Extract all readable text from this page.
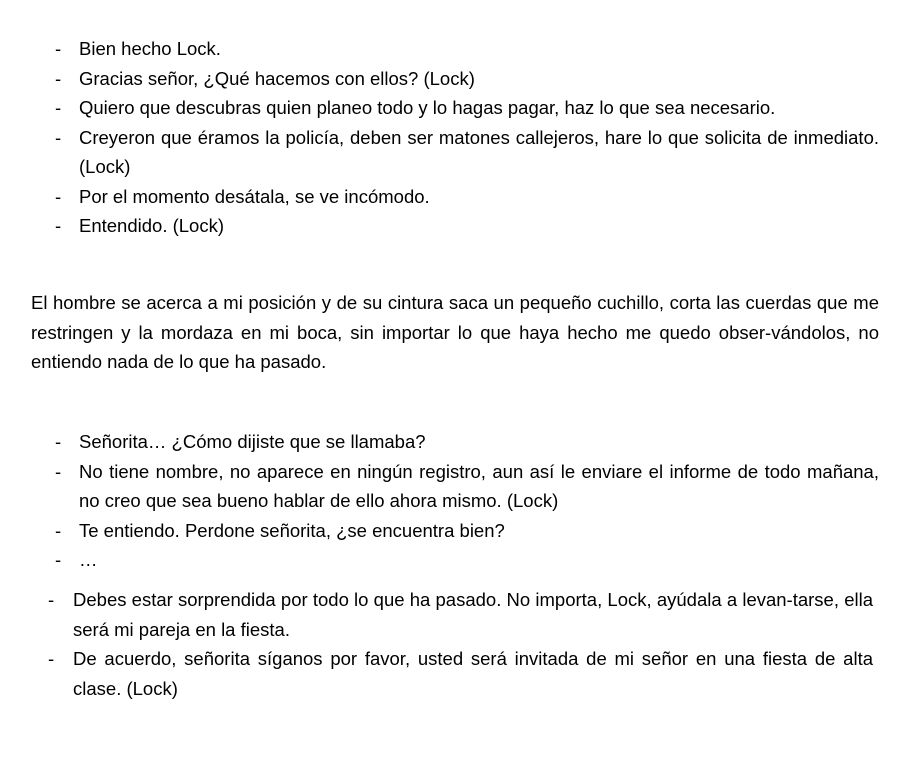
- Bien hecho Lock.
- Gracias señor, ¿Qué hacemos con ellos? (Lock)
- Quiero que descubras quien planeo todo y lo hagas pagar, haz lo que sea necesario.
- Creyeron que éramos la policía, deben ser matones callejeros, hare lo que solicita de inmediato. (Lock)
- Por el momento desátala, se ve incómodo.
- Entendido. (Lock)

El hombre se acerca a mi posición y de su cintura saca un pequeño cuchillo, corta las cuerdas que me restringen y la mordaza en mi boca, sin importar lo que haya hecho me quedo obser-vándolos, no entiendo nada de lo que ha pasado.

- Señorita… ¿Cómo dijiste que se llamaba?
- No tiene nombre, no aparece en ningún registro, aun así le enviare el informe de todo mañana, no creo que sea bueno hablar de ello ahora mismo. (Lock)
- Te entiendo. Perdone señorita, ¿se encuentra bien?
- …
- Debes estar sorprendida por todo lo que ha pasado. No importa, Lock, ayúdala a levan-tarse, ella será mi pareja en la fiesta.
- De acuerdo, señorita síganos por favor, usted será invitada de mi señor en una fiesta de alta clase. (Lock)
